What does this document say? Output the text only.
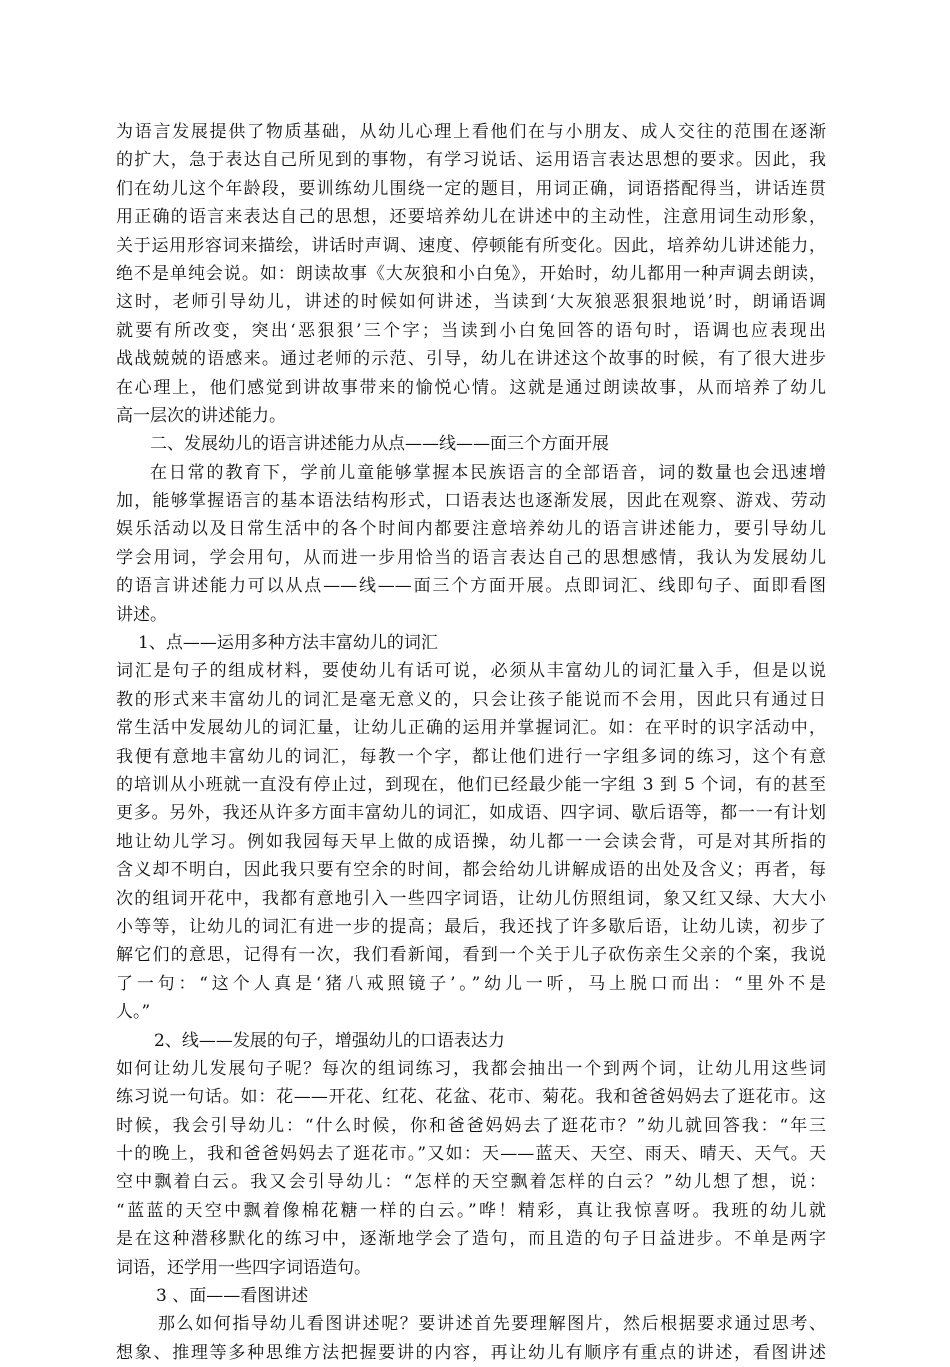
为语言发展提供了物质基础，从幼儿心理上看他们在与小朋友、成人交往的范围在逐渐
的扩大，急于表达自己所见到的事物，有学习说话、运用语言表达思想的要求。因此，我
们在幼儿这个年龄段，要训练幼儿围绕一定的题目，用词正确，词语搭配得当，讲话连贯
用正确的语言来表达自己的思想，还要培养幼儿在讲述中的主动性，注意用词生动形象，
关于运用形容词来描绘，讲话时声调、速度、停顿能有所变化。因此，培养幼儿讲述能力，
绝不是单纯会说。如：朗读故事《大灰狼和小白兔》，开始时，幼儿都用一种声调去朗读，
这时，老师引导幼儿，讲述的时候如何讲述，当读到‘大灰狼恶狠狠地说’时，朗诵语调
就要有所改变，突出‘恶狠狠’三个字；当读到小白兔回答的语句时，语调也应表现出
战战兢兢的语感来。通过老师的示范、引导，幼儿在讲述这个故事的时候，有了很大进步
在心理上，他们感觉到讲故事带来的愉悦心情。这就是通过朗读故事，从而培养了幼儿
高一层次的讲述能力。
二、发展幼儿的语言讲述能力从点——线——面三个方面开展
在日常的教育下，学前儿童能够掌握本民族语言的全部语音，词的数量也会迅速增
加，能够掌握语言的基本语法结构形式，口语表达也逐渐发展，因此在观察、游戏、劳动
娱乐活动以及日常生活中的各个时间内都要注意培养幼儿的语言讲述能力，要引导幼儿
学会用词，学会用句，从而进一步用恰当的语言表达自己的思想感情，我认为发展幼儿
的语言讲述能力可以从点——线——面三个方面开展。点即词汇、线即句子、面即看图
讲述。
1、点——运用多种方法丰富幼儿的词汇
词汇是句子的组成材料，要使幼儿有话可说，必须从丰富幼儿的词汇量入手，但是以说
教的形式来丰富幼儿的词汇是毫无意义的，只会让孩子能说而不会用，因此只有通过日
常生活中发展幼儿的词汇量，让幼儿正确的运用并掌握词汇。如：在平时的识字活动中，
我便有意地丰富幼儿的词汇，每教一个字，都让他们进行一字组多词的练习，这个有意
的培训从小班就一直没有停止过，到现在，他们已经最少能一字组 3 到 5 个词，有的甚至
更多。另外，我还从许多方面丰富幼儿的词汇，如成语、四字词、歇后语等，都一一有计划
地让幼儿学习。例如我园每天早上做的成语操，幼儿都一一会读会背，可是对其所指的
含义却不明白，因此我只要有空余的时间，都会给幼儿讲解成语的出处及含义；再者，每
次的组词开花中，我都有意地引入一些四字词语，让幼儿仿照组词，象又红又绿、大大小
小等等，让幼儿的词汇有进一步的提高；最后，我还找了许多歇后语，让幼儿读，初步了
解它们的意思，记得有一次，我们看新闻，看到一个关于儿子砍伤亲生父亲的个案，我说
了一句：“这个人真是‘猪八戒照镜子’。”幼儿一听，马上脱口而出：“里外不是
人。”
2、线——发展的句子，增强幼儿的口语表达力
如何让幼儿发展句子呢？每次的组词练习，我都会抽出一个到两个词，让幼儿用这些词
练习说一句话。如：花——开花、红花、花盆、花市、菊花。我和爸爸妈妈去了逛花市。这
时候，我会引导幼儿：“什么时候，你和爸爸妈妈去了逛花市？”幼儿就回答我：“年三
十的晚上，我和爸爸妈妈去了逛花市。”又如：天——蓝天、天空、雨天、晴天、天气。天
空中飘着白云。我又会引导幼儿：“怎样的天空飘着怎样的白云？”幼儿想了想，说：
“蓝蓝的天空中飘着像棉花糖一样的白云。”哗！精彩，真让我惊喜呀。我班的幼儿就
是在这种潜移默化的练习中，逐渐地学会了造句，而且造的句子日益进步。不单是两字
词语，还学用一些四字词语造句。
3 、面——看图讲述
那么如何指导幼儿看图讲述呢？要讲述首先要理解图片，然后根据要求通过思考、
想象、推理等多种思维方法把握要讲的内容，再让幼儿有顺序有重点的讲述，看图讲述
